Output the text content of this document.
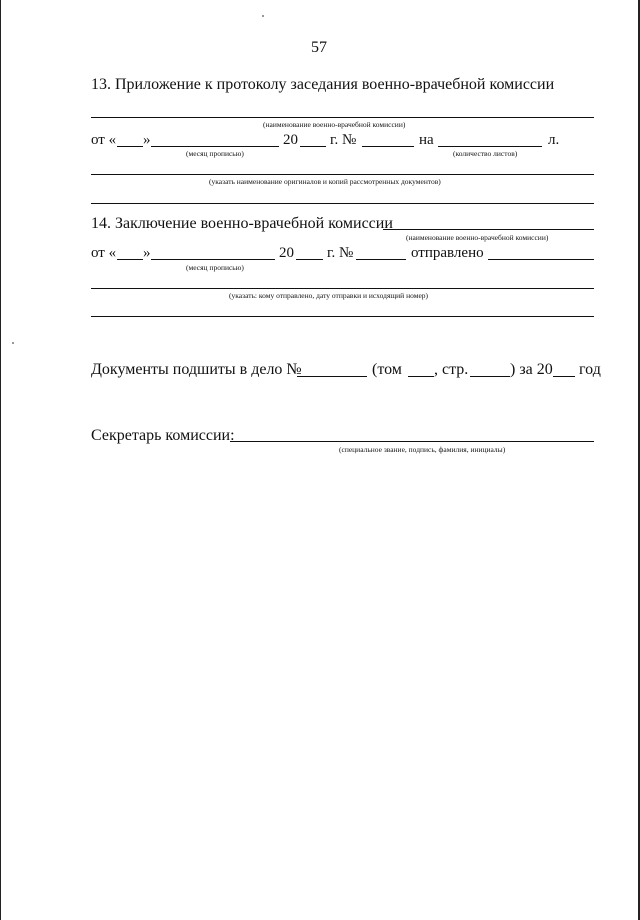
57
13. Приложение к протоколу заседания военно-врачебной комиссии
(наименование военно-врачебной комиссии)
от « »	20 г. №	на	л.
(месяц прописью)	(количество листов)
(указать наименование оригиналов и копий рассмотренных документов)
14. Заключение военно-врачебной комиссии
(наименование военно-врачебной комиссии)
от « »	20 г. №	отправлено
(месяц прописью)
(указать: кому отправлено, дату отправки и исходящий номер)
Документы подшиты в дело №	(том , стр.	) за 20 год
Секретарь комиссии:
(специальное звание, подпись, фамилия, инициалы)
